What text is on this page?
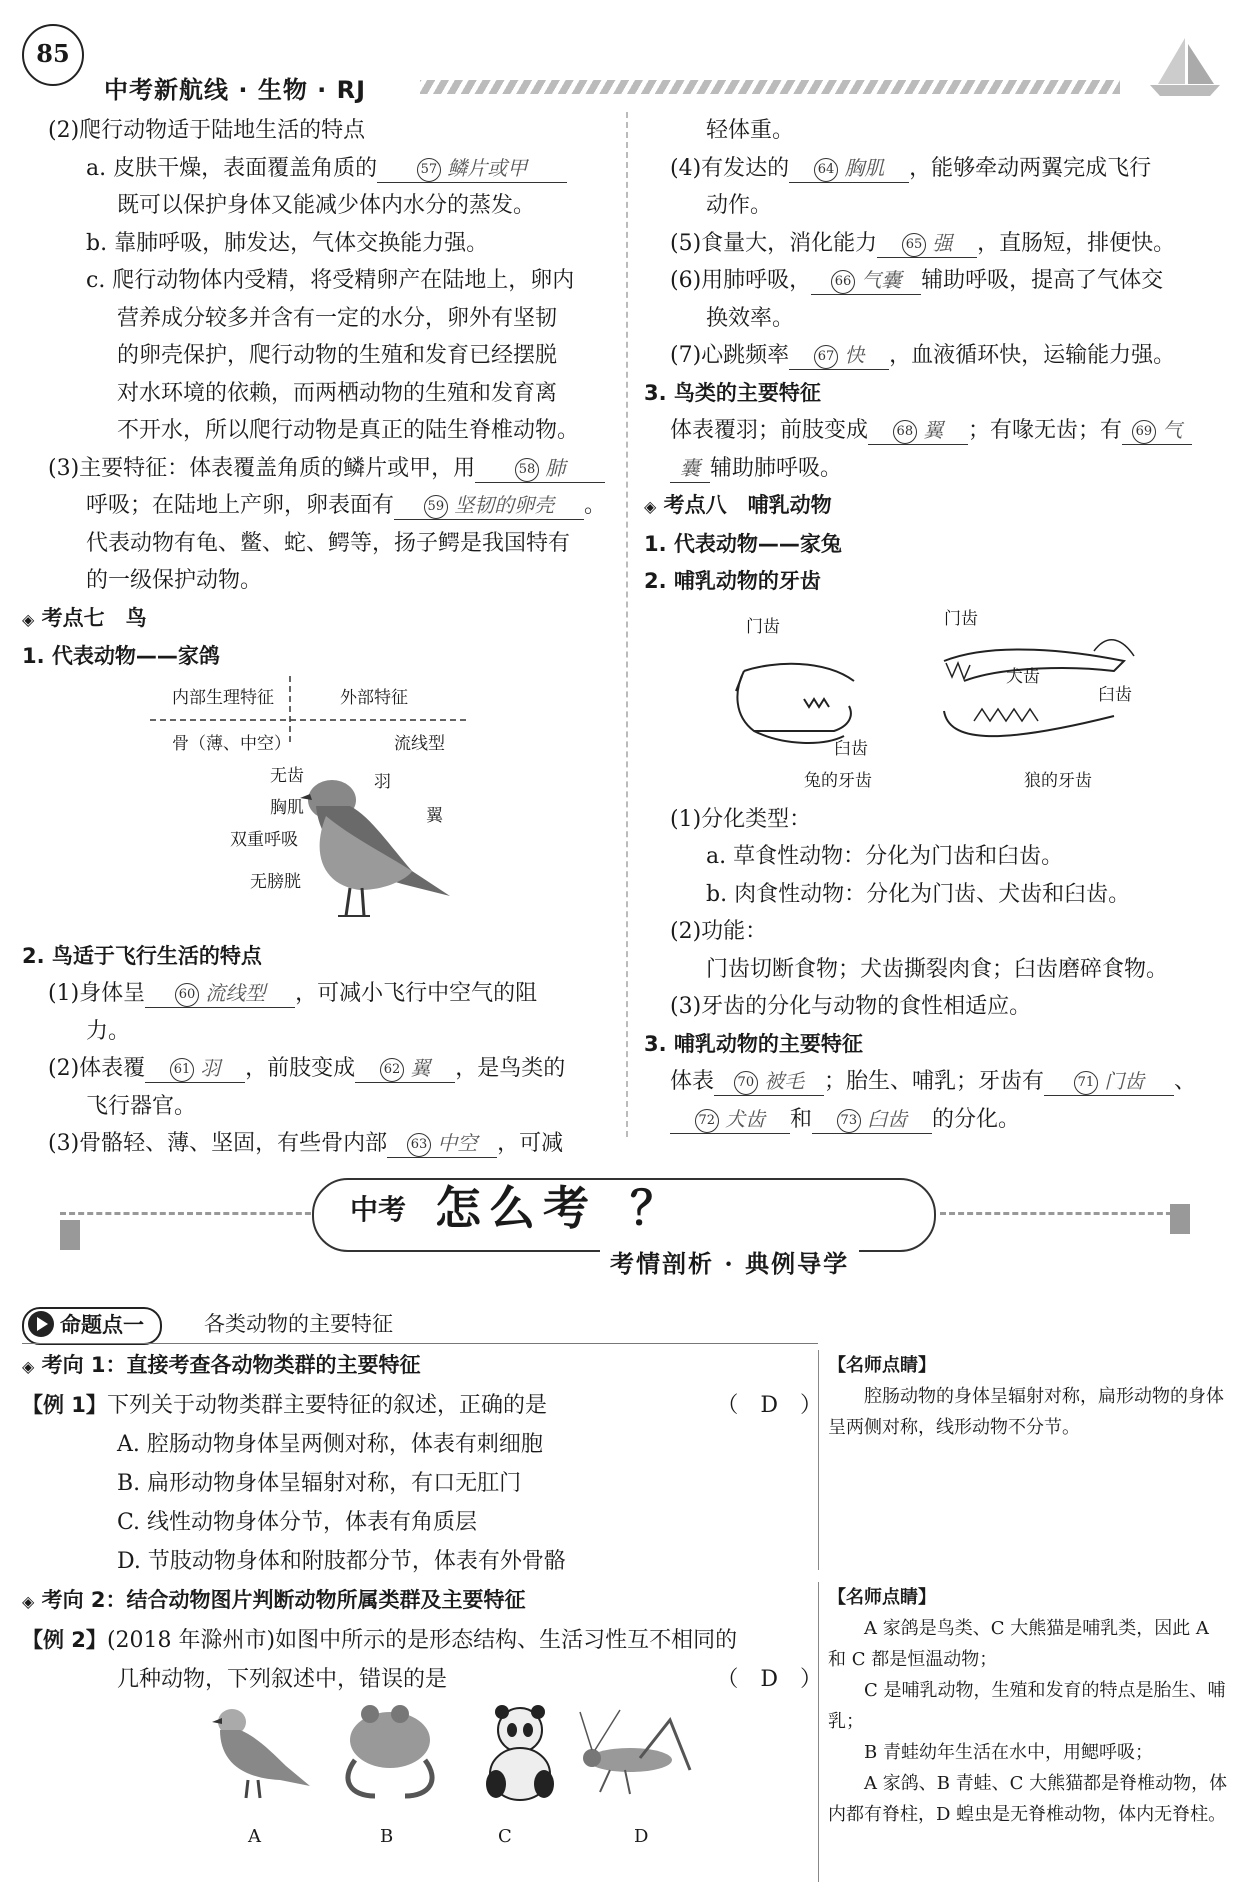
85
中考新航线 · 生物 · RJ
(2)爬行动物适于陆地生活的特点
a. 皮肤干燥，表面覆盖角质的	57 鳞片或甲
既可以保护身体又能减少体内水分的蒸发。
b. 靠肺呼吸，肺发达，气体交换能力强。
c. 爬行动物体内受精，将受精卵产在陆地上，卵内
营养成分较多并含有一定的水分，卵外有坚韧
的卵壳保护，爬行动物的生殖和发育已经摆脱
对水环境的依赖，而两栖动物的生殖和发育离
不开水，所以爬行动物是真正的陆生脊椎动物。
(3)主要特征：体表覆盖角质的鳞片或甲，用	58 肺
呼吸；在陆地上产卵，卵表面有	59 坚韧的卵壳 。
代表动物有龟、鳖、蛇、鳄等，扬子鳄是我国特有
的一级保护动物。
◈ 考点七　鸟
1. 代表动物——家鸽
内部生理特征	外部特征
骨（薄、中空）
无齿
胸肌
双重呼吸
无膀胱
流线型
羽
翼
2. 鸟适于飞行生活的特点
(1)身体呈	60 流线型 ，可减小飞行中空气的阻
力。
(2)体表覆 61 羽 ，前肢变成 62 翼 ，是鸟类的
飞行器官。
(3)骨骼轻、薄、坚固，有些骨内部 63 中空 ，可减
轻体重。
(4)有发达的 64 胸肌 ，能够牵动两翼完成飞行
动作。
(5)食量大，消化能力 65 强 ，直肠短，排便快。
(6)用肺呼吸， 66 气囊 辅助呼吸，提高了气体交
换效率。
(7)心跳频率 67 快 ，血液循环快，运输能力强。
3. 鸟类的主要特征
体表覆羽；前肢变成 68 翼 ；有喙无齿；有 69 气
囊 辅助肺呼吸。
◈ 考点八　哺乳动物
1. 代表动物——家兔
2. 哺乳动物的牙齿
门齿	门齿
犬齿
臼齿
臼齿
兔的牙齿	狼的牙齿
(1)分化类型：
a. 草食性动物：分化为门齿和臼齿。
b. 肉食性动物：分化为门齿、犬齿和臼齿。
(2)功能：
门齿切断食物；犬齿撕裂肉食；臼齿磨碎食物。
(3)牙齿的分化与动物的食性相适应。
3. 哺乳动物的主要特征
体表 70 被毛 ；胎生、哺乳；牙齿有	71 门齿 、
72 犬齿 和 73 臼齿 的分化。
中考 怎么考 ？
考情剖析 · 典例导学
命题点一	各类动物的主要特征
◈ 考向 1：直接考查各动物类群的主要特征
【例 1】下列关于动物类群主要特征的叙述，正确的是	（　D　）
A. 腔肠动物身体呈两侧对称，体表有刺细胞
B. 扁形动物身体呈辐射对称，有口无肛门
C. 线性动物身体分节，体表有角质层
D. 节肢动物身体和附肢都分节，体表有外骨骼
◈ 考向 2：结合动物图片判断动物所属类群及主要特征
【例 2】(2018 年滁州市)如图中所示的是形态结构、生活习性互不相同的
几种动物，下列叙述中，错误的是	（　D　）
A	B	C	D
【名师点睛】

腔肠动物的身体呈辐射对称，扁形动物的身体呈两侧对称，线形动物不分节。

【名师点睛】

A 家鸽是鸟类、C 大熊猫是哺乳类，因此 A 和 C 都是恒温动物；

C 是哺乳动物，生殖和发育的特点是胎生、哺乳；

B 青蛙幼年生活在水中，用鳃呼吸；

A 家鸽、B 青蛙、C 大熊猫都是脊椎动物，体内都有脊柱，D 蝗虫是无脊椎动物，体内无脊柱。
